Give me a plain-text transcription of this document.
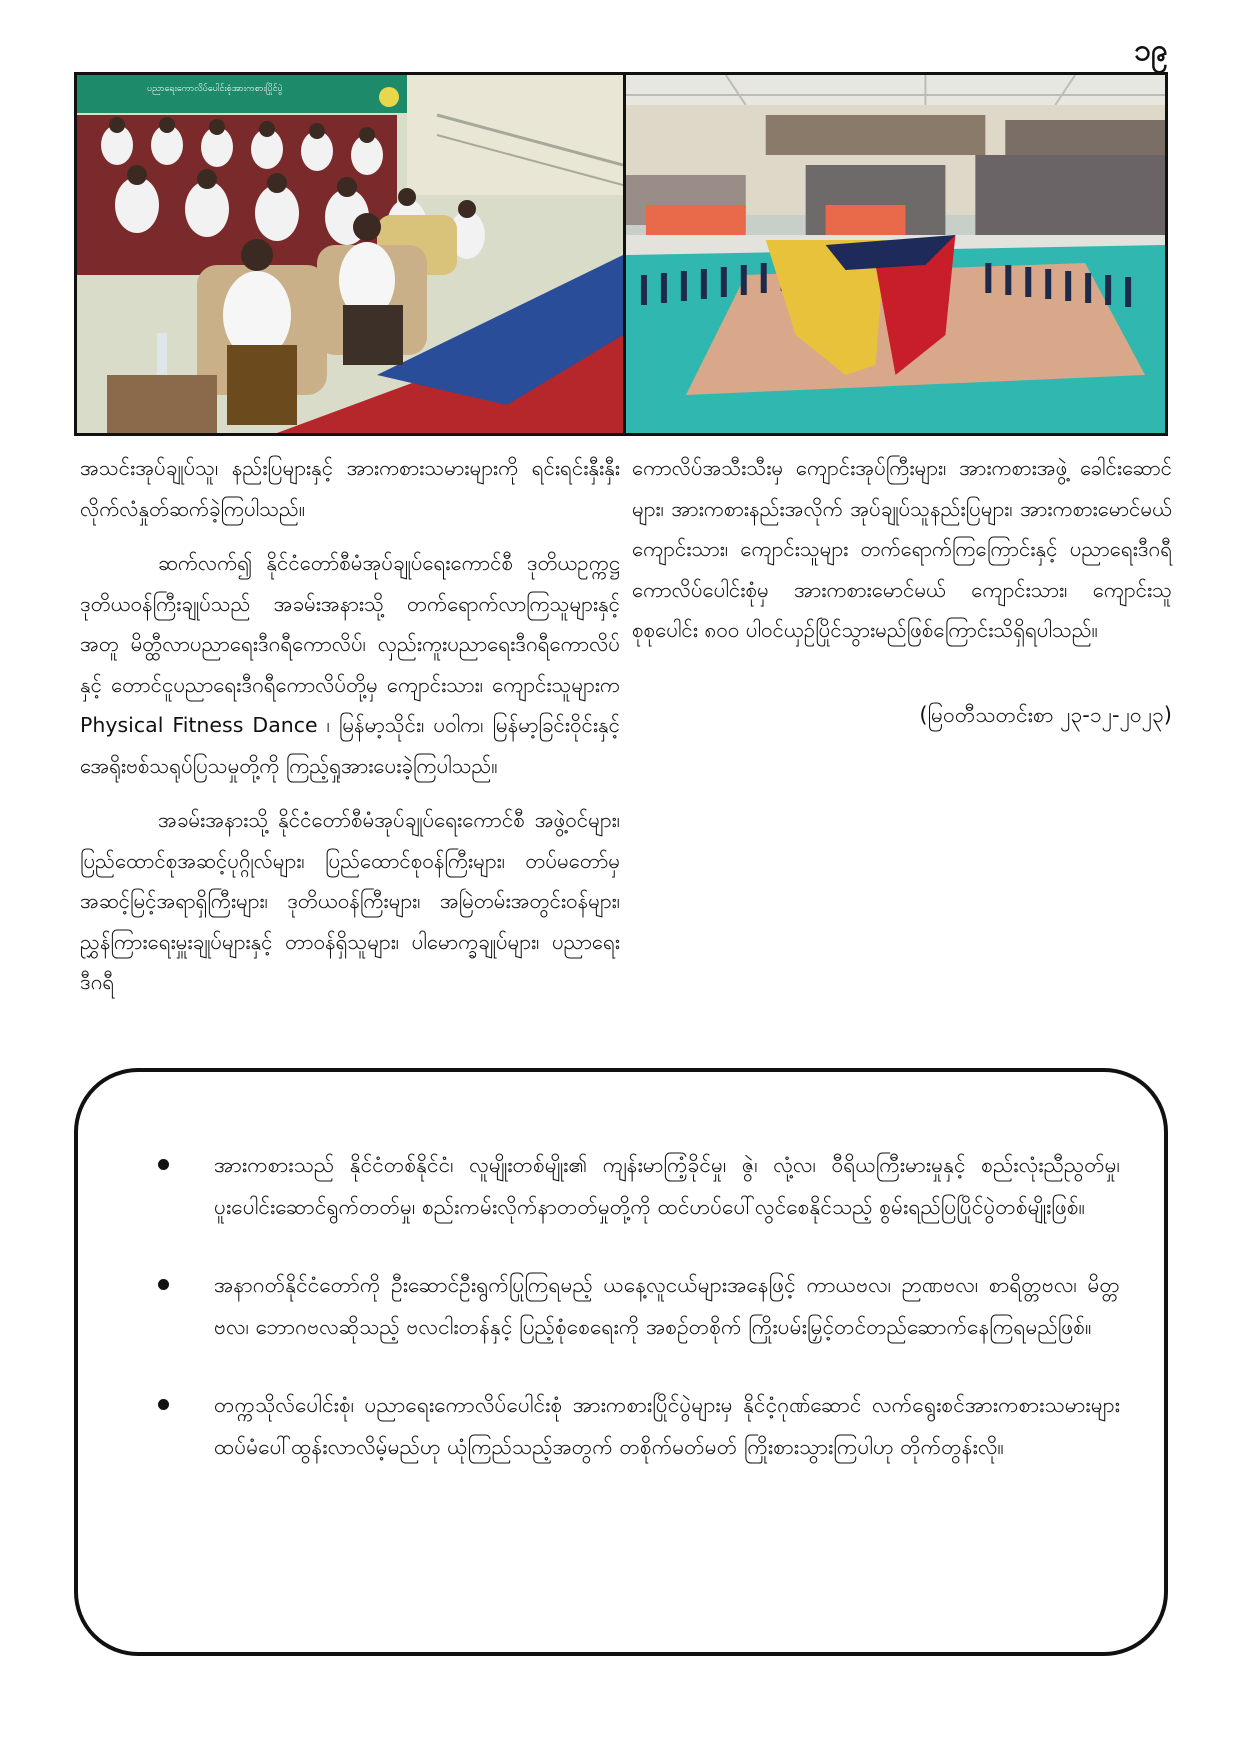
၁၉
ပညာရေးကောလိပ်ပေါင်းစုံအားကစားပြိုင်ပွဲ

အသင်းအုပ်ချုပ်သူ၊ နည်းပြများနှင့် အားကစားသမားများကို ရင်းရင်းနှီးနှီး လိုက်လံနှုတ်ဆက်ခဲ့ကြပါသည်။

ဆက်လက်၍ နိုင်ငံတော်စီမံအုပ်ချုပ်ရေးကောင်စီ ဒုတိယဥက္ကဋ္ဌ ဒုတိယဝန်ကြီးချုပ်သည် အခမ်းအနားသို့ တက်ရောက်လာကြသူများနှင့်အတူ မိတ္ထီလာပညာရေးဒီဂရီကောလိပ်၊ လှည်းကူးပညာရေးဒီဂရီကောလိပ်နှင့် တောင်ငူပညာရေးဒီဂရီကောလိပ်တို့မှ ကျောင်းသား၊ ကျောင်းသူများက Physical Fitness Dance ၊ မြန်မာ့သိုင်း၊ ပဝါက၊ မြန်မာ့ခြင်းဝိုင်းနှင့် အေရိုးဗစ်သရုပ်ပြသမှုတို့ကို ကြည့်ရှုအားပေးခဲ့ကြပါသည်။

အခမ်းအနားသို့ နိုင်ငံတော်စီမံအုပ်ချုပ်ရေးကောင်စီ အဖွဲ့ဝင်များ၊ ပြည်ထောင်စုအဆင့်ပုဂ္ဂိုလ်များ၊ ပြည်ထောင်စုဝန်ကြီးများ၊ တပ်မတော်မှ အဆင့်မြင့်အရာရှိကြီးများ၊ ဒုတိယဝန်ကြီးများ၊ အမြဲတမ်းအတွင်းဝန်များ၊ ညွှန်ကြားရေးမှူးချုပ်များနှင့် တာဝန်ရှိသူများ၊ ပါမောက္ခချုပ်များ၊ ပညာရေးဒီဂရီ

ကောလိပ်အသီးသီးမှ ကျောင်းအုပ်ကြီးများ၊ အားကစားအဖွဲ့ ခေါင်းဆောင်များ၊ အားကစားနည်းအလိုက် အုပ်ချုပ်သူနည်းပြများ၊ အားကစားမောင်မယ် ကျောင်းသား၊ ကျောင်းသူများ တက်ရောက်ကြကြောင်းနှင့် ပညာရေးဒီဂရီကောလိပ်ပေါင်းစုံမှ အားကစားမောင်မယ် ကျောင်းသား၊ ကျောင်းသူ စုစုပေါင်း ၈၀၀ ပါဝင်ယှဉ်ပြိုင်သွားမည်ဖြစ်ကြောင်းသိရှိရပါသည်။

(မြဝတီသတင်းစာ ၂၃-၁၂-၂၀၂၃)

အားကစားသည် နိုင်ငံတစ်နိုင်ငံ၊ လူမျိုးတစ်မျိုး၏ ကျန်းမာကြံ့ခိုင်မှု၊ ဇွဲ၊ လုံ့လ၊ ဝီရိယကြီးမားမှုနှင့် စည်းလုံးညီညွတ်မှု၊ ပူးပေါင်းဆောင်ရွက်တတ်မှု၊ စည်းကမ်းလိုက်နာတတ်မှုတို့ကို ထင်ဟပ်ပေါ်လွင်စေနိုင်သည့် စွမ်းရည်ပြပြိုင်ပွဲတစ်မျိုးဖြစ်။
အနာဂတ်နိုင်ငံတော်ကို ဦးဆောင်ဦးရွက်ပြုကြရမည့် ယနေ့လူငယ်များအနေဖြင့် ကာယဗလ၊ ဉာဏဗလ၊ စာရိတ္တဗလ၊ မိတ္တဗလ၊ ဘောဂဗလဆိုသည့် ဗလငါးတန်နှင့် ပြည့်စုံစေရေးကို အစဉ်တစိုက် ကြိုးပမ်းမြှင့်တင်တည်ဆောက်နေကြရမည်ဖြစ်။
တက္ကသိုလ်ပေါင်းစုံ၊ ပညာရေးကောလိပ်ပေါင်းစုံ အားကစားပြိုင်ပွဲများမှ နိုင်ငံ့ဂုဏ်ဆောင် လက်ရွေးစင်အားကစားသမားများ ထပ်မံပေါ်ထွန်းလာလိမ့်မည်ဟု ယုံကြည်သည့်အတွက် တစိုက်မတ်မတ် ကြိုးစားသွားကြပါဟု တိုက်တွန်းလို။
